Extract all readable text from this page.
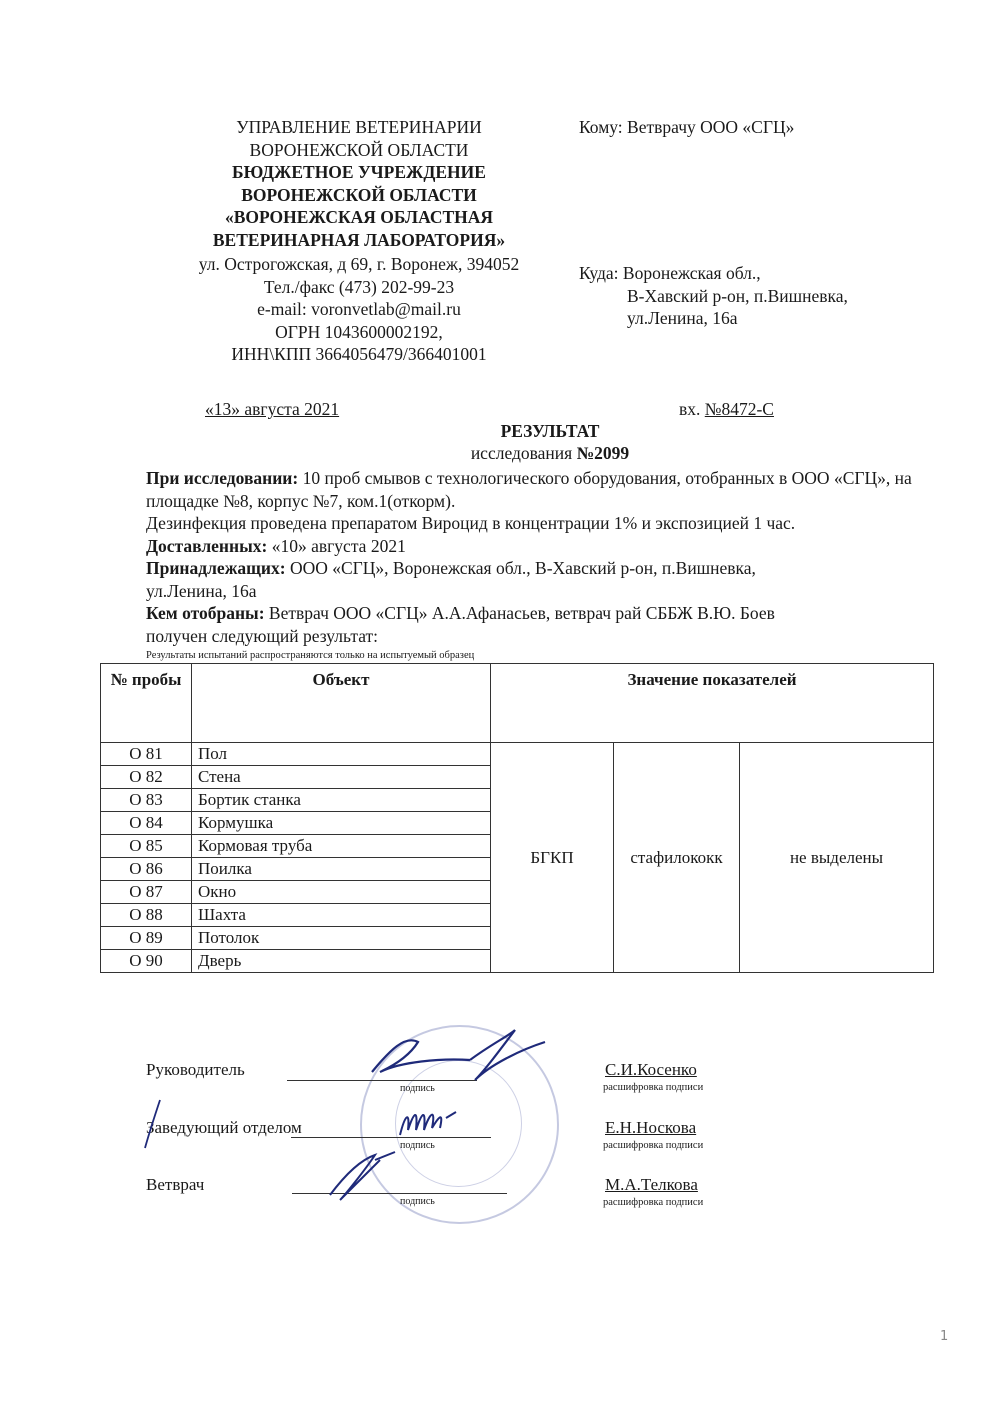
УПРАВЛЕНИЕ ВЕТЕРИНАРИИ
ВОРОНЕЖСКОЙ ОБЛАСТИ
БЮДЖЕТНОЕ УЧРЕЖДЕНИЕ
ВОРОНЕЖСКОЙ ОБЛАСТИ
«ВОРОНЕЖСКАЯ ОБЛАСТНАЯ
ВЕТЕРИНАРНАЯ ЛАБОРАТОРИЯ»
ул. Острогожская, д 69, г. Воронеж, 394052
Тел./факс (473) 202-99-23
e-mail: voronvetlab@mail.ru
ОГРН 1043600002192,
ИНН\КПП 3664056479/366401001
Кому: Ветврачу ООО «СГЦ»
Куда: Воронежская обл.,
В-Хавский р-он, п.Вишневка,
ул.Ленина, 16а
«13» августа 2021	вх. №8472-С
РЕЗУЛЬТАТ
исследования №2099
При исследовании: 10 проб смывов с технологического оборудования, отобранных в ООО «СГЦ», на площадке №8, корпус №7, ком.1(откорм).
Дезинфекция проведена препаратом Вироцид в концентрации 1% и экспозицией 1 час.
Доставленных: «10» августа 2021
Принадлежащих: ООО «СГЦ», Воронежская обл., В-Хавский р-он, п.Вишневка, ул.Ленина, 16а
Кем отобраны: Ветврач ООО «СГЦ» А.А.Афанасьев, ветврач рай СББЖ В.Ю. Боев
получен следующий результат:
Результаты испытаний распространяются только на испытуемый образец
№ пробы	Объект	Значение показателей		
О 81	Пол	БГКП	стафилококк	не выделены
О 82	Стена			
О 83	Бортик станка			
О 84	Кормушка			
О 85	Кормовая труба			
О 86	Поилка			
О 87	Окно			
О 88	Шахта			
О 89	Потолок			
О 90	Дверь			
Руководитель
подпись
С.И.Косенко
расшифровка подписи
Заведующий отделом
подпись
Е.Н.Носкова
расшифровка подписи
Ветврач
подпись
М.А.Телкова
расшифровка подписи
1
